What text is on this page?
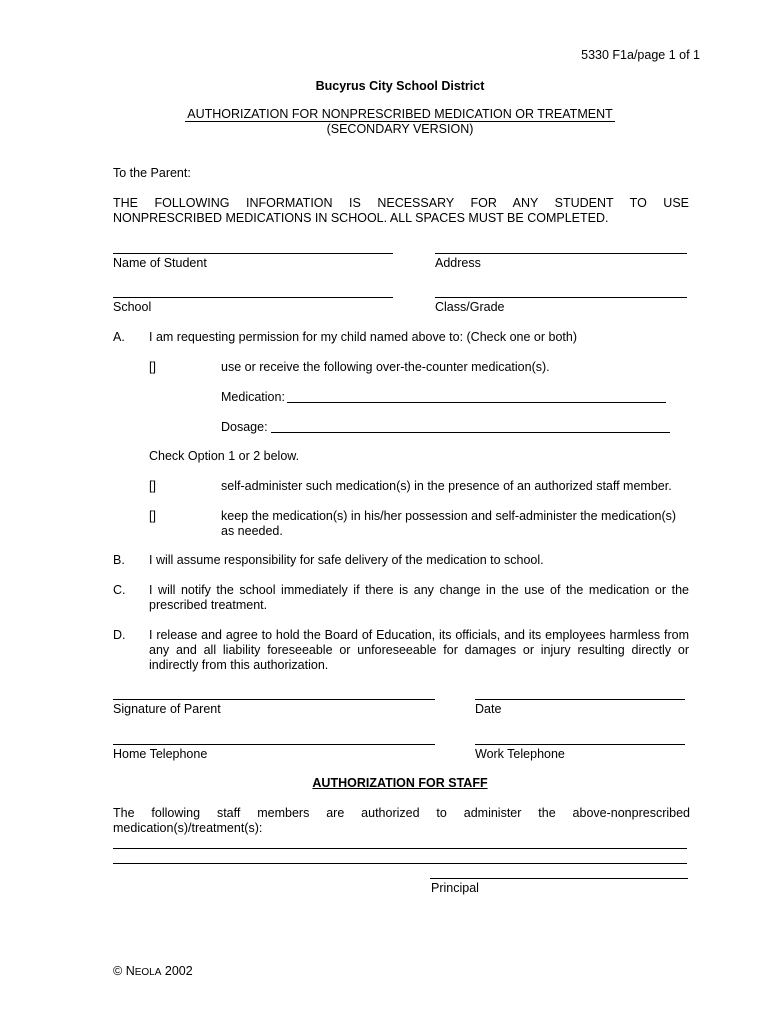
5330 F1a/page 1 of 1
Bucyrus City School District
AUTHORIZATION FOR NONPRESCRIBED MEDICATION OR TREATMENT
(SECONDARY VERSION)
To the Parent:
THE FOLLOWING INFORMATION IS NECESSARY FOR ANY STUDENT TO USE
NONPRESCRIBED MEDICATIONS IN SCHOOL. ALL SPACES MUST BE COMPLETED.
Name of Student	Address
School	Class/Grade
A. I am requesting permission for my child named above to: (Check one or both)
[]	use or receive the following over-the-counter medication(s).
Medication:
Dosage:
Check Option 1 or 2 below.
[]	self-administer such medication(s) in the presence of an authorized staff member.
[]	keep the medication(s) in his/her possession and self-administer the medication(s)
as needed.
B. I will assume responsibility for safe delivery of the medication to school.
C. I will notify the school immediately if there is any change in the use of the medication or the
prescribed treatment.
D. I release and agree to hold the Board of Education, its officials, and its employees harmless from
any and all liability foreseeable or unforeseeable for damages or injury resulting directly or
indirectly from this authorization.
Signature of Parent	Date
Home Telephone	Work Telephone
AUTHORIZATION FOR STAFF
The following staff members are authorized to administer the above-nonprescribed
medication(s)/treatment(s):
Principal
© NEOLA 2002
